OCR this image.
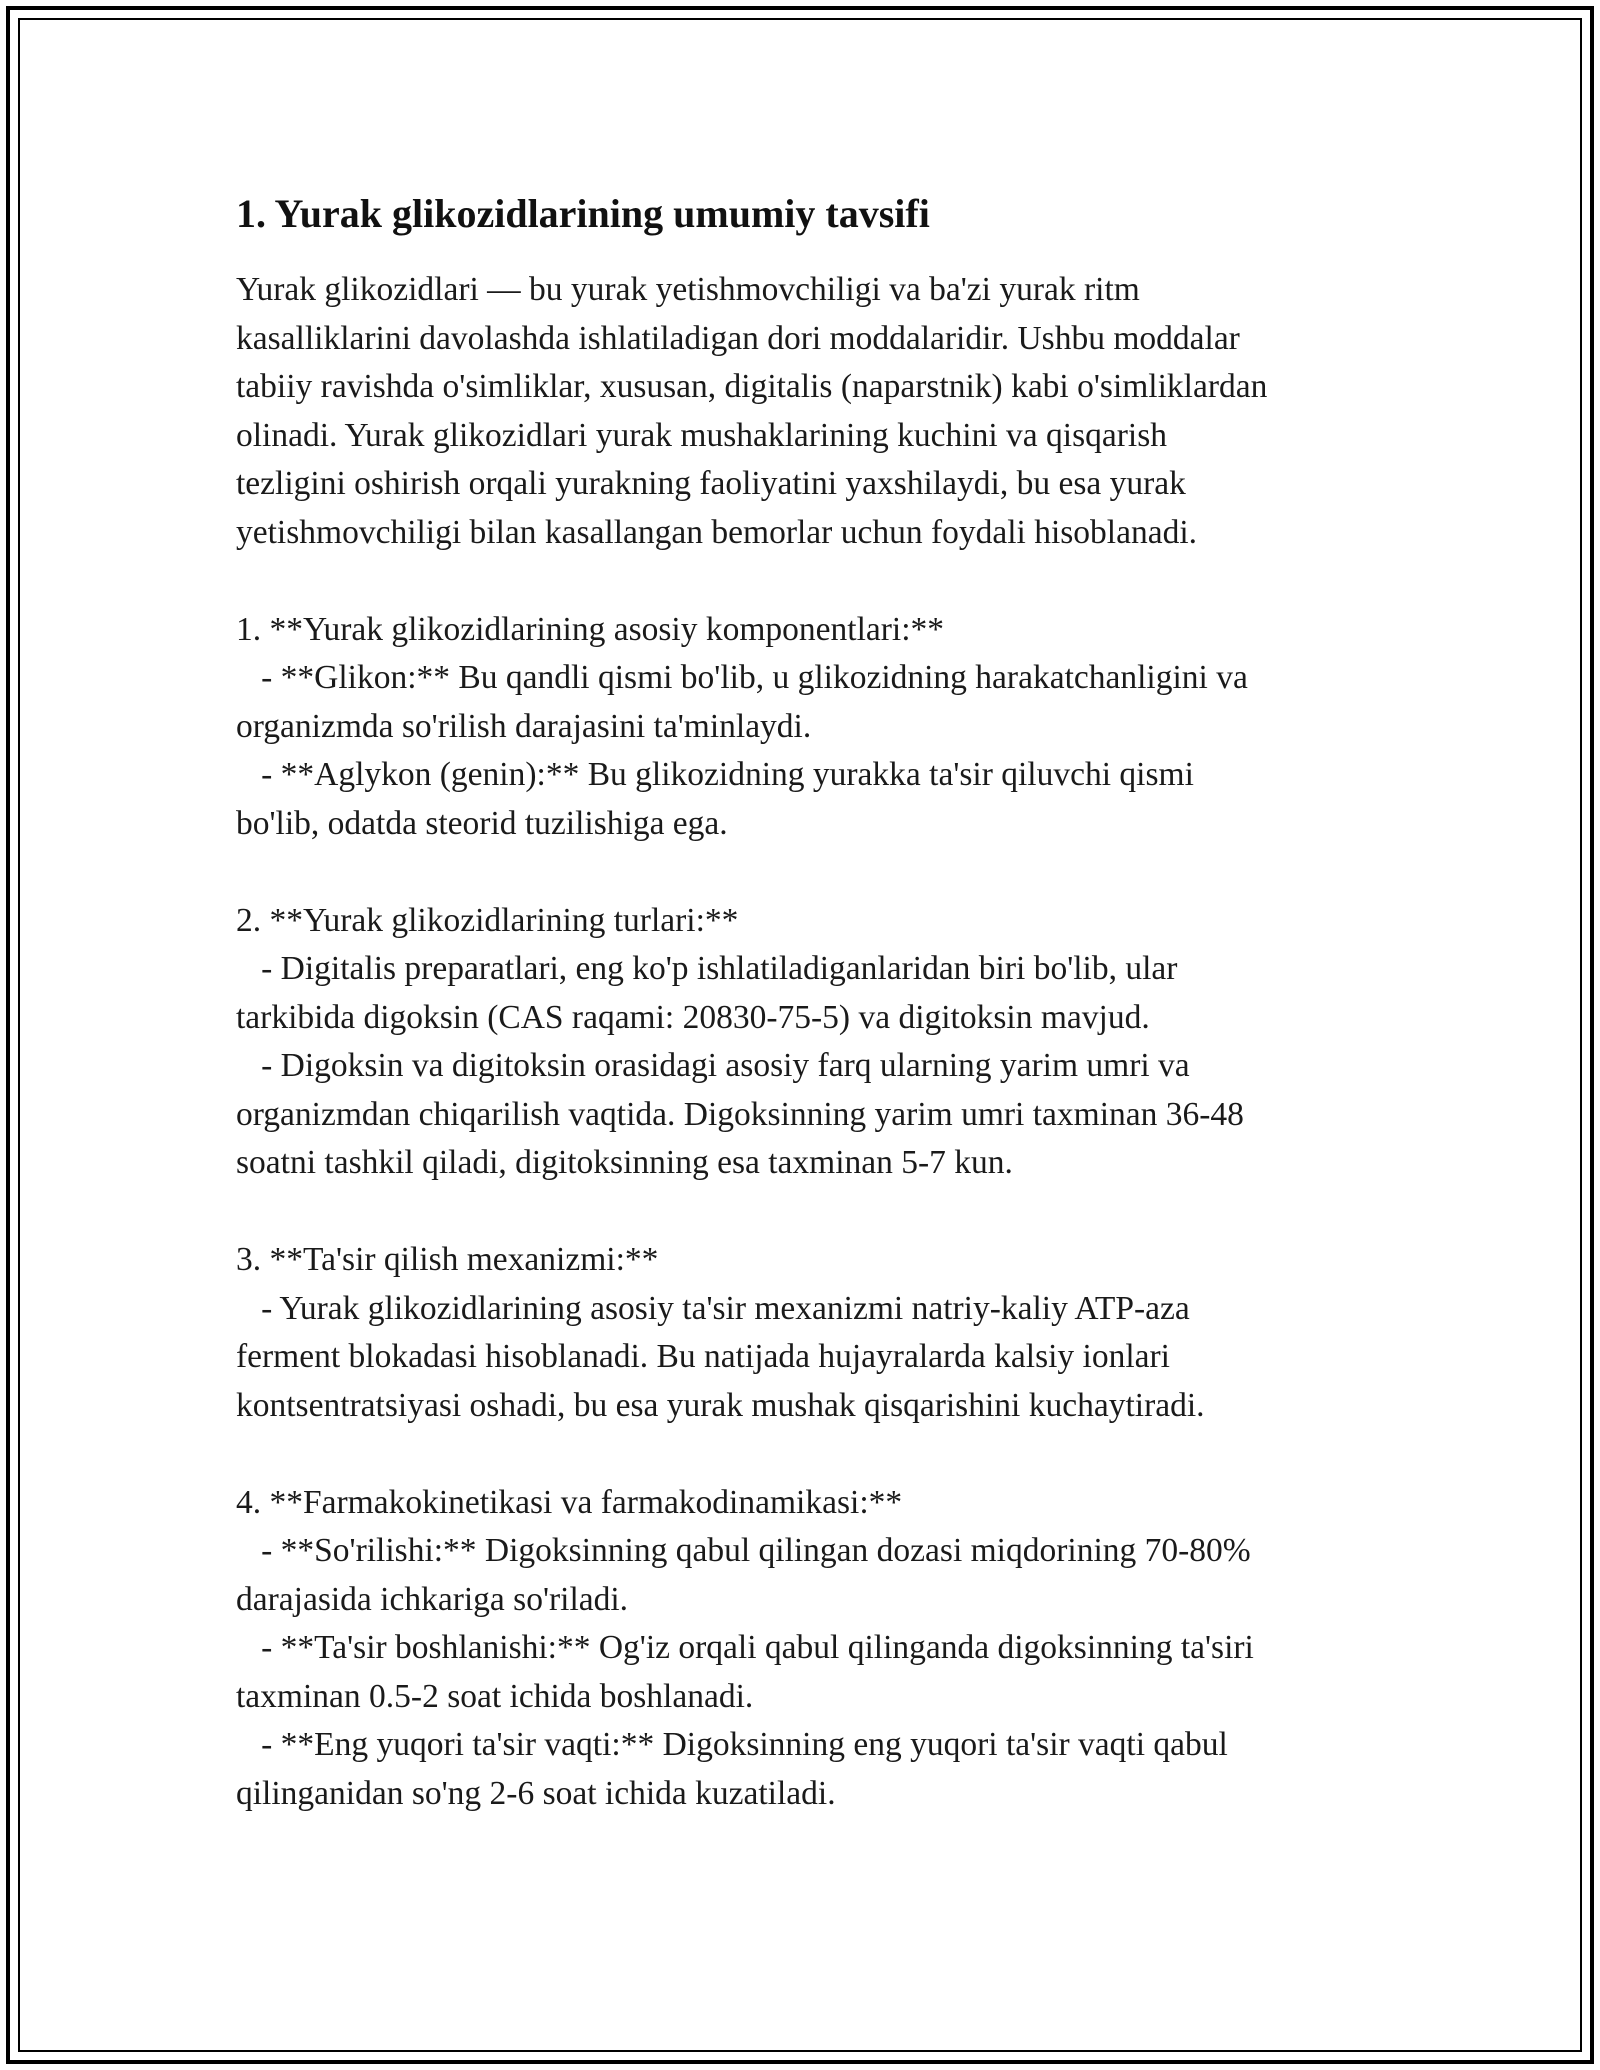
1. Yurak glikozidlarining umumiy tavsifi

Yurak glikozidlari — bu yurak yetishmovchiligi va ba'zi yurak ritm
kasalliklarini davolashda ishlatiladigan dori moddalaridir. Ushbu moddalar
tabiiy ravishda o'simliklar, xususan, digitalis (naparstnik) kabi o'simliklardan
olinadi. Yurak glikozidlari yurak mushaklarining kuchini va qisqarish
tezligini oshirish orqali yurakning faoliyatini yaxshilaydi, bu esa yurak
yetishmovchiligi bilan kasallangan bemorlar uchun foydali hisoblanadi.

1. **Yurak glikozidlarining asosiy komponentlari:**

- **Glikon:** Bu qandli qismi bo'lib, u glikozidning harakatchanligini va
organizmda so'rilish darajasini ta'minlaydi.

- **Aglykon (genin):** Bu glikozidning yurakka ta'sir qiluvchi qismi
bo'lib, odatda steorid tuzilishiga ega.

2. **Yurak glikozidlarining turlari:**

- Digitalis preparatlari, eng ko'p ishlatiladiganlaridan biri bo'lib, ular
tarkibida digoksin (CAS raqami: 20830-75-5) va digitoksin mavjud.

- Digoksin va digitoksin orasidagi asosiy farq ularning yarim umri va
organizmdan chiqarilish vaqtida. Digoksinning yarim umri taxminan 36-48
soatni tashkil qiladi, digitoksinning esa taxminan 5-7 kun.

3. **Ta'sir qilish mexanizmi:**

- Yurak glikozidlarining asosiy ta'sir mexanizmi natriy-kaliy ATP-aza
ferment blokadasi hisoblanadi. Bu natijada hujayralarda kalsiy ionlari
kontsentratsiyasi oshadi, bu esa yurak mushak qisqarishini kuchaytiradi.

4. **Farmakokinetikasi va farmakodinamikasi:**

- **So'rilishi:** Digoksinning qabul qilingan dozasi miqdorining 70-80%
darajasida ichkariga so'riladi.

- **Ta'sir boshlanishi:** Og'iz orqali qabul qilinganda digoksinning ta'siri
taxminan 0.5-2 soat ichida boshlanadi.

- **Eng yuqori ta'sir vaqti:** Digoksinning eng yuqori ta'sir vaqti qabul
qilinganidan so'ng 2-6 soat ichida kuzatiladi.
